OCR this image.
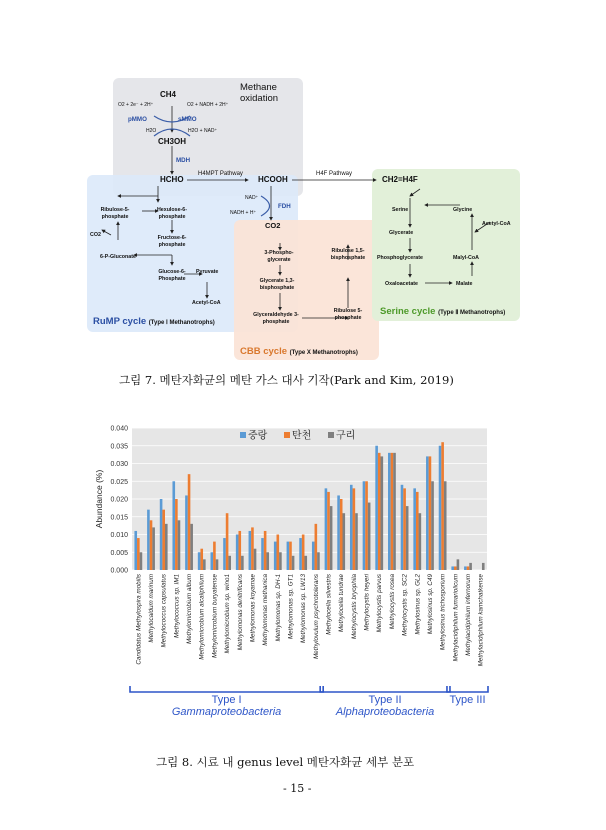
Methane
oxidation
CH4
O2 + 2e⁻ + 2H⁺	O2 + NADH + 2H⁺
pMMO	sMMO
H2O	H2O + NAD⁺
CH3OH
MDH
H4MPT Pathway	H4F Pathway
HCHO	HCOOH	CH2=H4F
NAD⁺
FDH
NADH + H⁺
CO2
Ribulose-5-phosphate
Hexulose-6-phosphate
CO2	Fructose-6-phosphate
6-P-Gluconate
Glucose-6-Phosphate
Pyruvate
Acetyl-CoA
RuMP cycle (Type Ⅰ Methanotrophs)
3-Phospho-glycerate
Glycerate 1,3-bisphosphate
Glyceraldehyde 3-phosphate
Ribulose 1,5-bisphosphate
Ribulose 5-phosphate
CBB cycle (Type X Methanotrophs)
Serine	Glycine
Acetyl-CoA
Glycerate
Phosphoglycerate	Malyl-CoA
Oxaloacetate	Malate
Serine cycle (Type Ⅱ Methanotrophs)
그림 7. 메탄자화균의 메탄 가스 대사 기작(Park and Kim, 2019)
0.000
0.005
0.010
0.015
0.020
0.025
0.030
0.035
0.040
Candidatus Methylospira mobilis Methylocaldum marinum Methylococcus capsulatus Methylococcus sp. IM1 Methylomicrobium album Methylomicrobium alcaliphilum Methylomicrobium buryatense Methylomicrobium sp. wino1 Methylomonas denitrificans Methylomonas koyamae Methylomonas methanica Methylomonas sp. DH-1 Methylomonas sp. GT1 Methylomonas sp. LW13 Methylovulum psychrotolerans Methylocella silvestris Methylocella tundrae Methylocystis bryophila Methylocystis heyeri Methylocystis parvus Methylocystis rosea Methylocystis sp. SC2 Methylosinus sp. GL2 Methylosinus sp. C49 Methylosinus trichosporium Methylacidiphilum fumariolicum Methylacidiphilum infernorum Methylacidiphilum kamchatkense
중랑 탄천 구리
Abundance (%)
Type I
Gammaproteobacteria
Type II
Alphaproteobacteria
Type III
그림 8. 시료 내 genus level 메탄자화균 세부 분포
- 15 -
